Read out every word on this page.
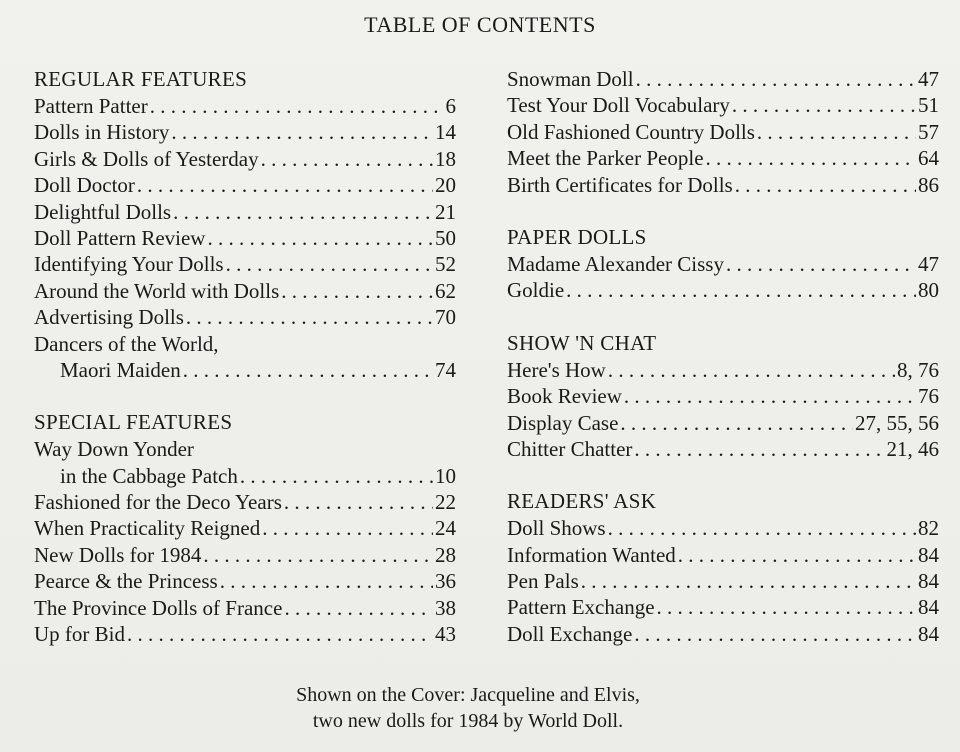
TABLE OF CONTENTS
REGULAR FEATURES
Pattern Patter . . .	6
Dolls in History . . .	14
Girls & Dolls of Yesterday . . .	18
Doll Doctor . . .	20
Delightful Dolls . . .	21
Doll Pattern Review . . .	50
Identifying Your Dolls . . .	52
Around the World with Dolls . . .	62
Advertising Dolls . . .	70
Dancers of the World,
Maori Maiden . . .	74
SPECIAL FEATURES
Way Down Yonder
in the Cabbage Patch . . .	10
Fashioned for the Deco Years . . .	22
When Practicality Reigned . . .	24
New Dolls for 1984 . . .	28
Pearce & the Princess . . .	36
The Province Dolls of France . . .	38
Up for Bid . . .	43
Snowman Doll . . .	47
Test Your Doll Vocabulary . . .	51
Old Fashioned Country Dolls . . .	57
Meet the Parker People . . .	64
Birth Certificates for Dolls . . .	86
PAPER DOLLS
Madame Alexander Cissy . . .	47
Goldie . . .	80
SHOW 'N CHAT
Here's How . . .	8, 76
Book Review . . .	76
Display Case . . .	27, 55, 56
Chitter Chatter . . .	21, 46
READERS' ASK
Doll Shows . . .	82
Information Wanted . . .	84
Pen Pals . . .	84
Pattern Exchange . . .	84
Doll Exchange . . .	84
Shown on the Cover: Jacqueline and Elvis,
two new dolls for 1984 by World Doll.
